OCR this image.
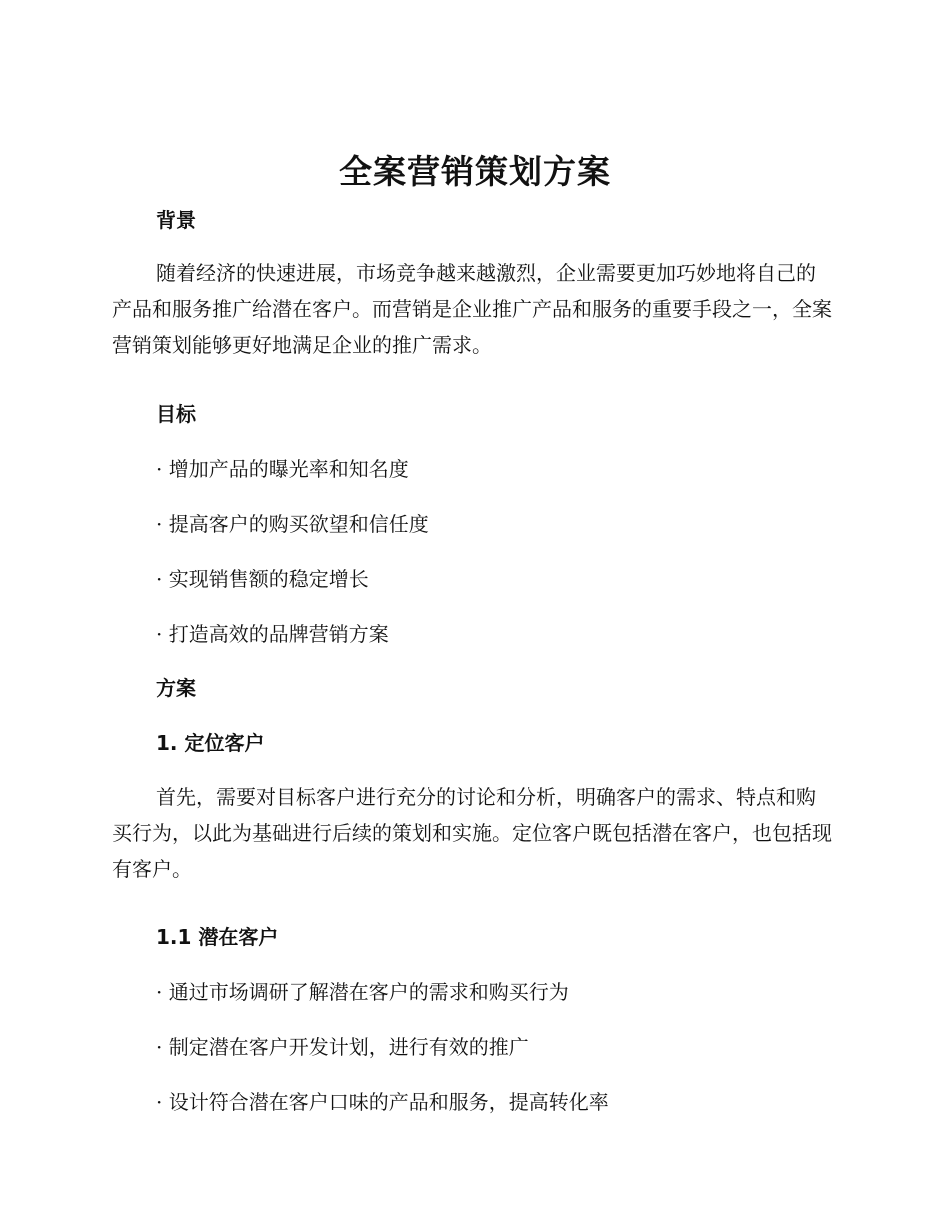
全案营销策划方案
背景

随着经济的快速进展，市场竞争越来越激烈，企业需要更加巧妙地将自己的产品和服务推广给潜在客户。而营销是企业推广产品和服务的重要手段之一，全案营销策划能够更好地满足企业的推广需求。

目标
· 增加产品的曝光率和知名度
· 提高客户的购买欲望和信任度
· 实现销售额的稳定增长
· 打造高效的品牌营销方案
方案
1. 定位客户

首先，需要对目标客户进行充分的讨论和分析，明确客户的需求、特点和购买行为，以此为基础进行后续的策划和实施。定位客户既包括潜在客户，也包括现有客户。

1.1 潜在客户
· 通过市场调研了解潜在客户的需求和购买行为
· 制定潜在客户开发计划，进行有效的推广
· 设计符合潜在客户口味的产品和服务，提高转化率
